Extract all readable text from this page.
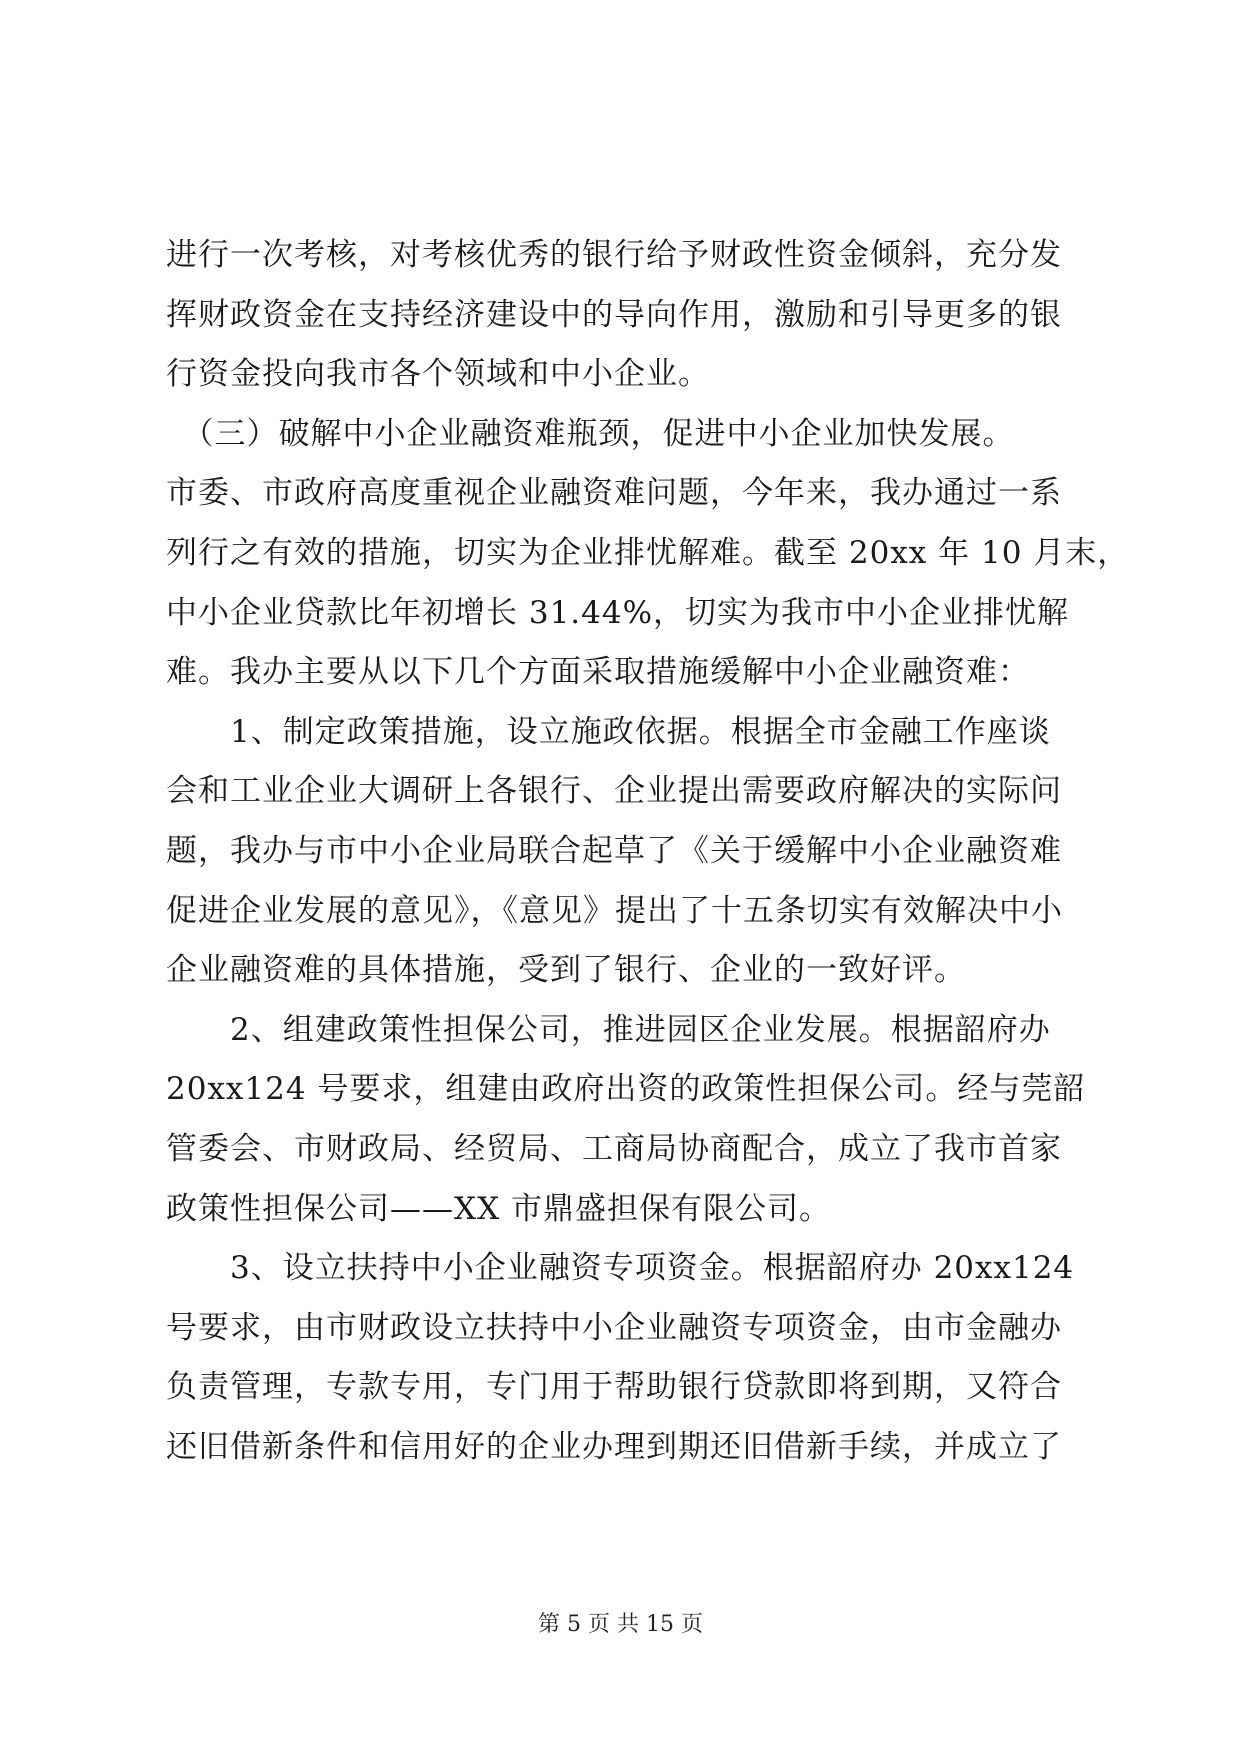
进行一次考核，对考核优秀的银行给予财政性资金倾斜，充分发
挥财政资金在支持经济建设中的导向作用，激励和引导更多的银
行资金投向我市各个领域和中小企业。
　（三）破解中小企业融资难瓶颈，促进中小企业加快发展。
市委、市政府高度重视企业融资难问题，今年来，我办通过一系
列行之有效的措施，切实为企业排忧解难。截至 20xx 年 10 月末，
中小企业贷款比年初增长 31.44%，切实为我市中小企业排忧解
难。我办主要从以下几个方面采取措施缓解中小企业融资难：
　　1、制定政策措施，设立施政依据。根据全市金融工作座谈
会和工业企业大调研上各银行、企业提出需要政府解决的实际问
题，我办与市中小企业局联合起草了《关于缓解中小企业融资难
促进企业发展的意见》，《意见》提出了十五条切实有效解决中小
企业融资难的具体措施，受到了银行、企业的一致好评。
　　2、组建政策性担保公司，推进园区企业发展。根据韶府办
20xx124 号要求，组建由政府出资的政策性担保公司。经与莞韶
管委会、市财政局、经贸局、工商局协商配合，成立了我市首家
政策性担保公司——XX 市鼎盛担保有限公司。
　　3、设立扶持中小企业融资专项资金。根据韶府办 20xx124
号要求，由市财政设立扶持中小企业融资专项资金，由市金融办
负责管理，专款专用，专门用于帮助银行贷款即将到期，又符合
还旧借新条件和信用好的企业办理到期还旧借新手续，并成立了
第 5 页 共 15 页
